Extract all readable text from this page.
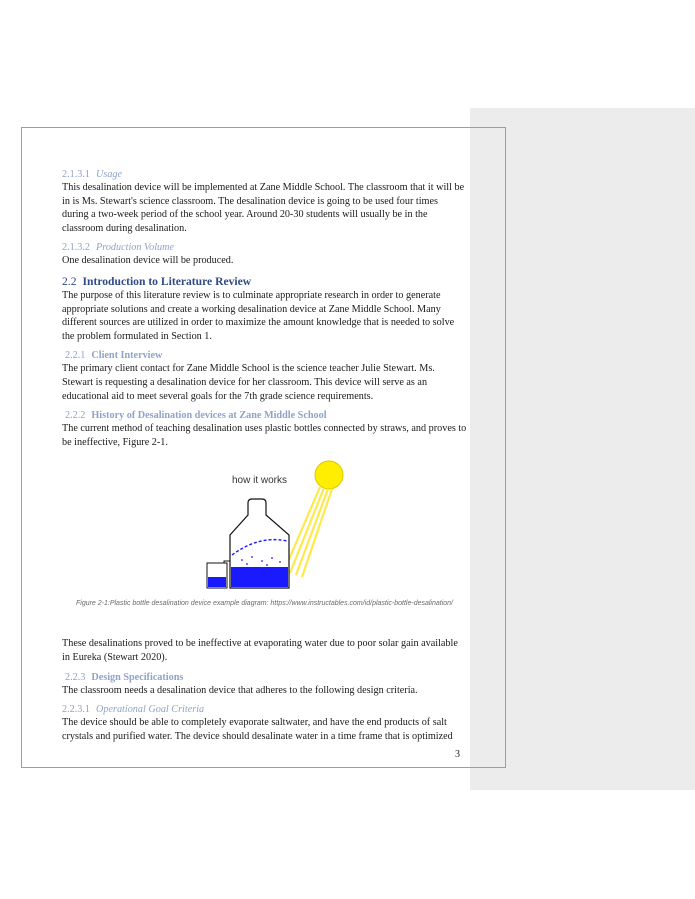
2.1.3.1 Usage

This desalination device will be implemented at Zane Middle School. The classroom that it will be in is Ms. Stewart's science classroom. The desalination device is going to be used four times during a two-week period of the school year. Around 20-30 students will usually be in the classroom during desalination.

2.1.3.2 Production Volume

One desalination device will be produced.

2.2 Introduction to Literature Review

The purpose of this literature review is to culminate appropriate research in order to generate appropriate solutions and create a working desalination device at Zane Middle School. Many different sources are utilized in order to maximize the amount knowledge that is needed to solve the problem formulated in Section 1.

2.2.1 Client Interview

The primary client contact for Zane Middle School is the science teacher Julie Stewart. Ms. Stewart is requesting a desalination device for her classroom. This device will serve as an educational aid to meet several goals for the 7th grade science requirements.

2.2.2 History of Desalination devices at Zane Middle School

The current method of teaching desalination uses plastic bottles connected by straws, and proves to be ineffective, Figure 2-1.

how it works
Figure 2-1:Plastic bottle desalination device example diagram: https://www.instructables.com/id/plastic-bottle-desalination/

These desalinations proved to be ineffective at evaporating water due to poor solar gain available in Eureka (Stewart 2020).

2.2.3 Design Specifications

The classroom needs a desalination device that adheres to the following design criteria.

2.2.3.1 Operational Goal Criteria

The device should be able to completely evaporate saltwater, and have the end products of salt crystals and purified water. The device should desalinate water in a time frame that is optimized

3
